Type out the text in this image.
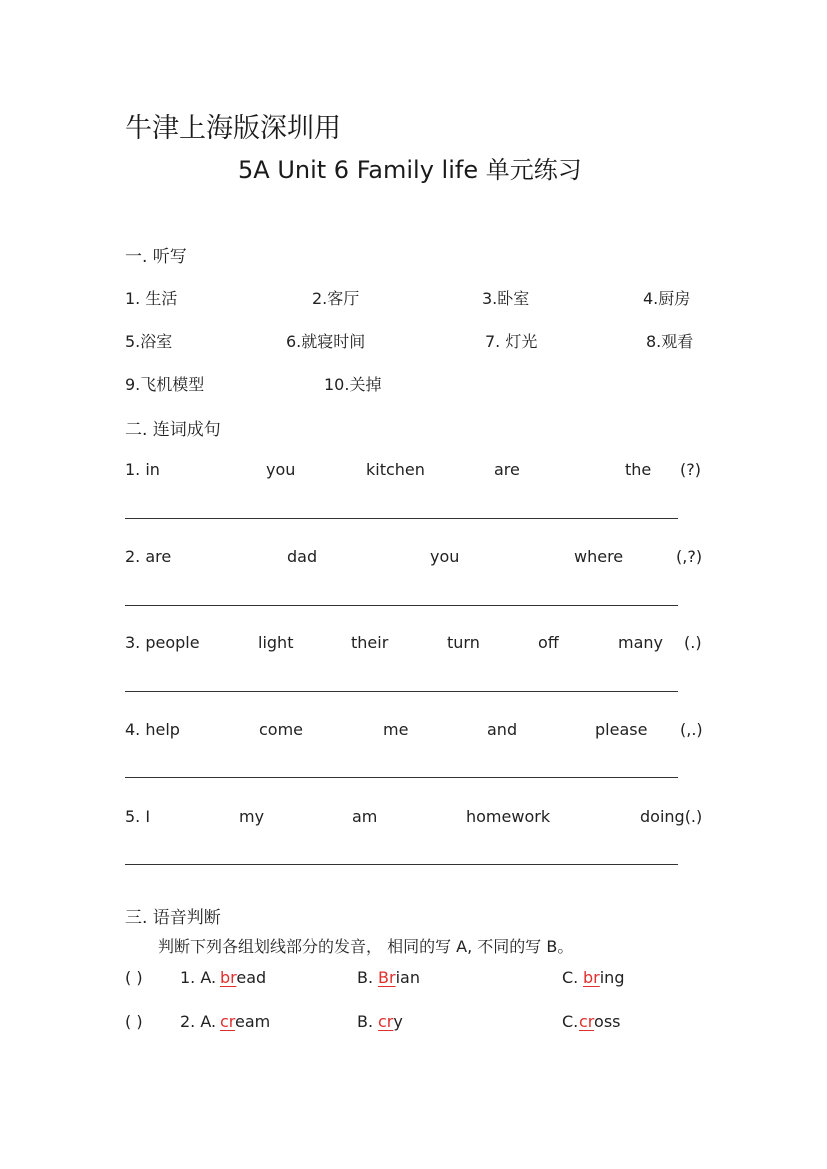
牛津上海版深圳用
5A Unit 6 Family life 单元练习
一. 听写
1. 生活	2.客厅	3.卧室	4.厨房
5.浴室	6.就寝时间	7. 灯光	8.观看
9.飞机模型	10.关掉
二. 连词成句
1. in	you	kitchen	are	the (?)
2. are	dad	you	where	(,?)
3. people	light	their	turn	off	many (.)
4. help	come	me	and	please (,.)
5. I	my	am	homework	doing(.)
三. 语音判断
判断下列各组划线部分的发音， 相同的写 A, 不同的写 B。
( ) 1. A. bread	B. Brian	C. bring
( ) 2. A. cream	B. cry	C. cross
